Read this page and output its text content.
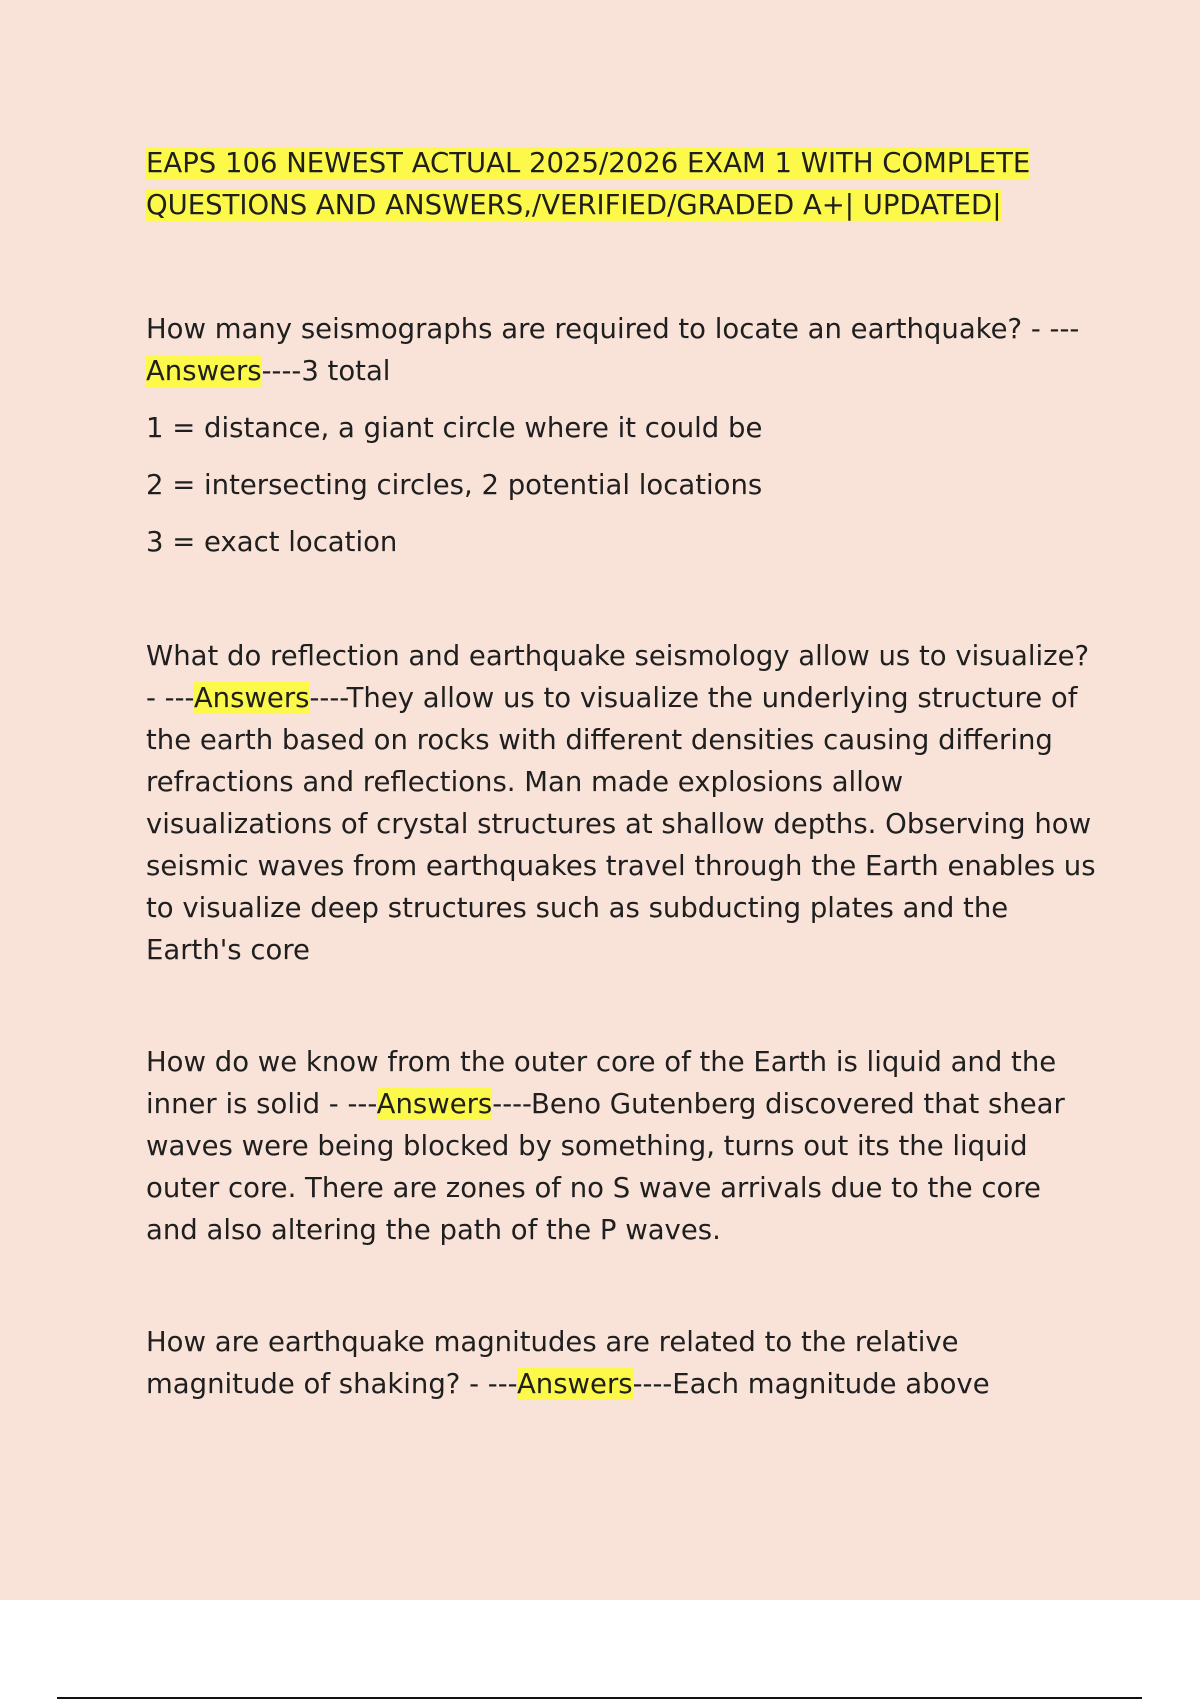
EAPS 106 NEWEST ACTUAL 2025/2026 EXAM 1 WITH COMPLETE
QUESTIONS AND ANSWERS,/VERIFIED/GRADED A+| UPDATED|

How many seismographs are required to locate an earthquake? - ---Answers----3 total

1 = distance, a giant circle where it could be

2 = intersecting circles, 2 potential locations

3 = exact location

What do reflection and earthquake seismology allow us to visualize? - ---Answers----They allow us to visualize the underlying structure of the earth based on rocks with different densities causing differing refractions and reflections. Man made explosions allow visualizations of crystal structures at shallow depths. Observing how seismic waves from earthquakes travel through the Earth enables us to visualize deep structures such as subducting plates and the Earth's core

How do we know from the outer core of the Earth is liquid and the inner is solid - ---Answers----Beno Gutenberg discovered that shear waves were being blocked by something, turns out its the liquid outer core. There are zones of no S wave arrivals due to the core and also altering the path of the P waves.

How are earthquake magnitudes are related to the relative magnitude of shaking? - ---Answers----Each magnitude above
